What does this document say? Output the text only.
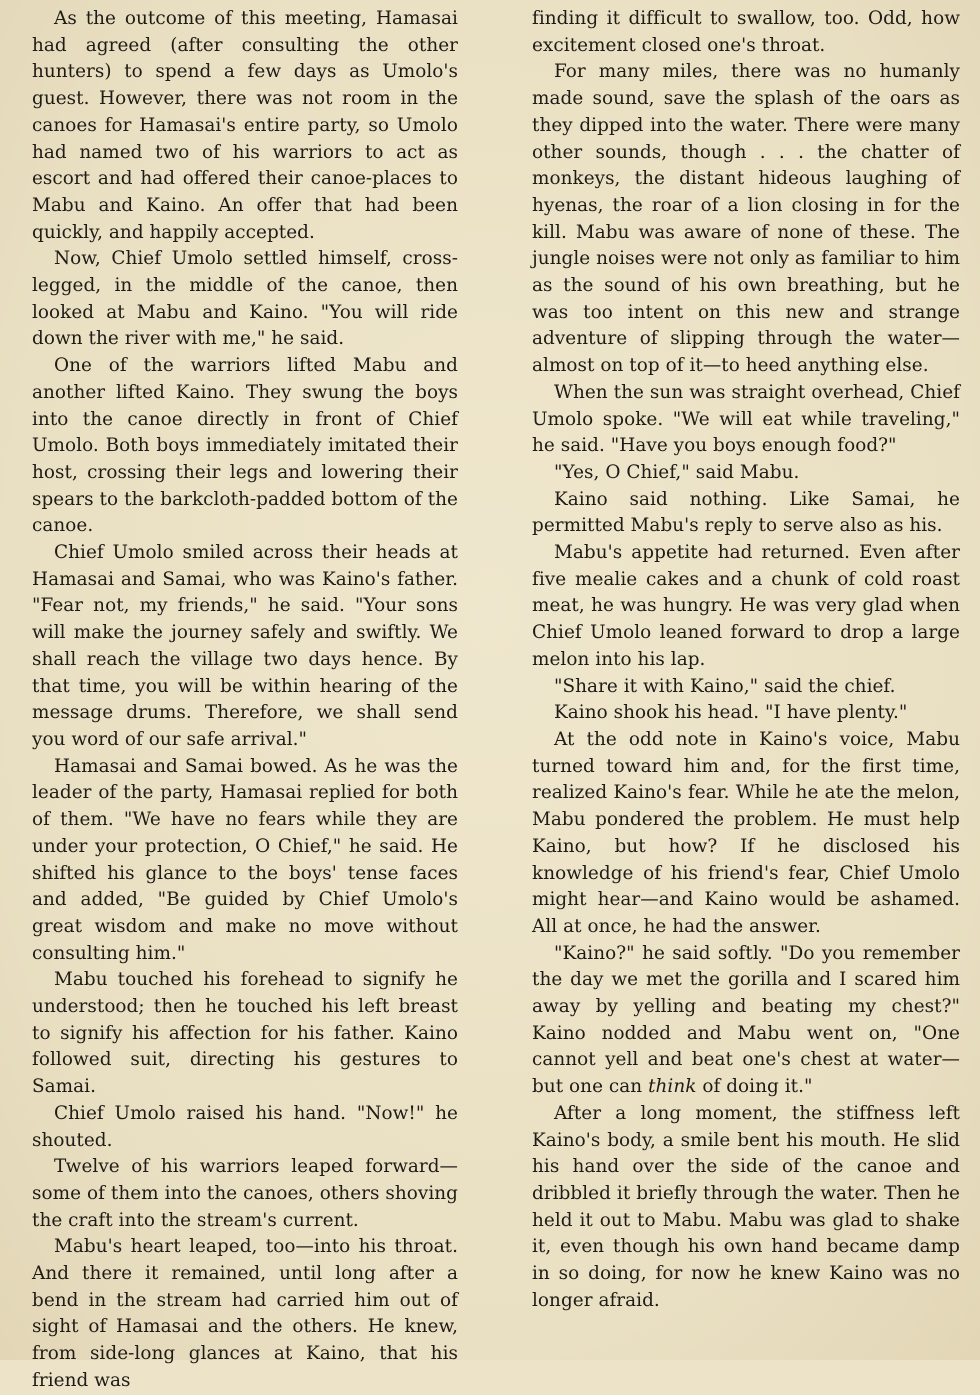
As the outcome of this meeting, Hamasai had agreed (after consulting the other hunters) to spend a few days as Umolo's guest. However, there was not room in the canoes for Hamasai's entire party, so Umolo had named two of his warriors to act as escort and had offered their canoe-places to Mabu and Kaino. An offer that had been quickly, and happily accepted.

Now, Chief Umolo settled himself, cross-legged, in the middle of the canoe, then looked at Mabu and Kaino. "You will ride down the river with me," he said.

One of the warriors lifted Mabu and another lifted Kaino. They swung the boys into the canoe directly in front of Chief Umolo. Both boys immediately imitated their host, crossing their legs and lowering their spears to the barkcloth-padded bottom of the canoe.

Chief Umolo smiled across their heads at Hamasai and Samai, who was Kaino's father. "Fear not, my friends," he said. "Your sons will make the journey safely and swiftly. We shall reach the village two days hence. By that time, you will be within hearing of the message drums. Therefore, we shall send you word of our safe arrival."

Hamasai and Samai bowed. As he was the leader of the party, Hamasai replied for both of them. "We have no fears while they are under your protection, O Chief," he said. He shifted his glance to the boys' tense faces and added, "Be guided by Chief Umolo's great wisdom and make no move without consulting him."

Mabu touched his forehead to signify he understood; then he touched his left breast to signify his affection for his father. Kaino followed suit, directing his gestures to Samai.

Chief Umolo raised his hand. "Now!" he shouted.

Twelve of his warriors leaped forward—some of them into the canoes, others shoving the craft into the stream's current.

Mabu's heart leaped, too—into his throat. And there it remained, until long after a bend in the stream had carried him out of sight of Hamasai and the others. He knew, from side-long glances at Kaino, that his friend was

finding it difficult to swallow, too. Odd, how excitement closed one's throat.

For many miles, there was no humanly made sound, save the splash of the oars as they dipped into the water. There were many other sounds, though . . . the chatter of monkeys, the distant hideous laughing of hyenas, the roar of a lion closing in for the kill. Mabu was aware of none of these. The jungle noises were not only as familiar to him as the sound of his own breathing, but he was too intent on this new and strange adventure of slipping through the water—almost on top of it—to heed anything else.

When the sun was straight overhead, Chief Umolo spoke. "We will eat while traveling," he said. "Have you boys enough food?"

"Yes, O Chief," said Mabu.

Kaino said nothing. Like Samai, he permitted Mabu's reply to serve also as his.

Mabu's appetite had returned. Even after five mealie cakes and a chunk of cold roast meat, he was hungry. He was very glad when Chief Umolo leaned forward to drop a large melon into his lap.

"Share it with Kaino," said the chief.

Kaino shook his head. "I have plenty."

At the odd note in Kaino's voice, Mabu turned toward him and, for the first time, realized Kaino's fear. While he ate the melon, Mabu pondered the problem. He must help Kaino, but how? If he disclosed his knowledge of his friend's fear, Chief Umolo might hear—and Kaino would be ashamed. All at once, he had the answer.

"Kaino?" he said softly. "Do you remember the day we met the gorilla and I scared him away by yelling and beating my chest?" Kaino nodded and Mabu went on, "One cannot yell and beat one's chest at water—but one can think of doing it."

After a long moment, the stiffness left Kaino's body, a smile bent his mouth. He slid his hand over the side of the canoe and dribbled it briefly through the water. Then he held it out to Mabu. Mabu was glad to shake it, even though his own hand became damp in so doing, for now he knew Kaino was no longer afraid.
